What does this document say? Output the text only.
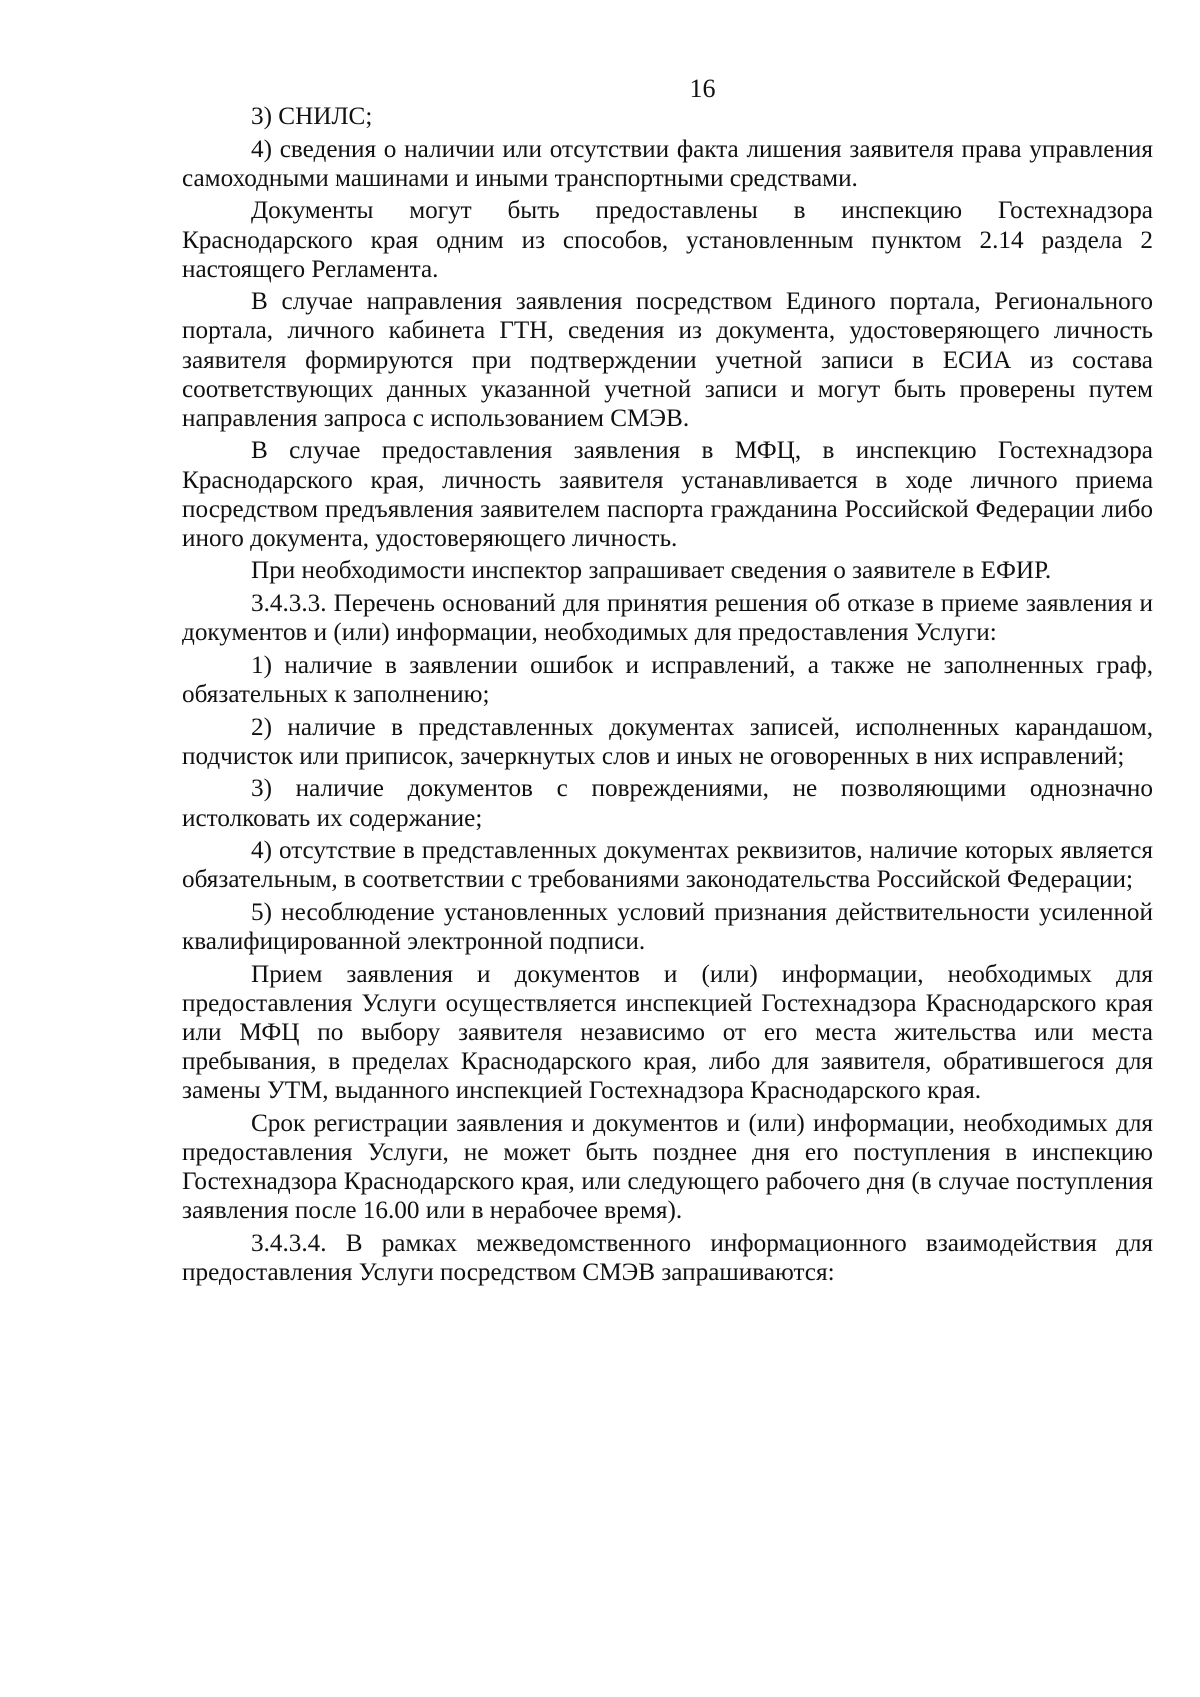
16

3) СНИЛС;

4) сведения о наличии или отсутствии факта лишения заявителя права управления самоходными машинами и иными транспортными средствами.

Документы могут быть предоставлены в инспекцию Гостехнадзора Краснодарского края одним из способов, установленным пунктом 2.14 раздела 2 настоящего Регламента.

В случае направления заявления посредством Единого портала, Регионального портала, личного кабинета ГТН, сведения из документа, удостоверяющего личность заявителя формируются при подтверждении учетной записи в ЕСИА из состава соответствующих данных указанной учетной записи и могут быть проверены путем направления запроса с использованием СМЭВ.

В случае предоставления заявления в МФЦ, в инспекцию Гостехнадзора Краснодарского края, личность заявителя устанавливается в ходе личного приема посредством предъявления заявителем паспорта гражданина Российской Федерации либо иного документа, удостоверяющего личность.

При необходимости инспектор запрашивает сведения о заявителе в ЕФИР.

3.4.3.3. Перечень оснований для принятия решения об отказе в приеме заявления и документов и (или) информации, необходимых для предоставления Услуги:

1) наличие в заявлении ошибок и исправлений, а также не заполненных граф, обязательных к заполнению;

2) наличие в представленных документах записей, исполненных карандашом, подчисток или приписок, зачеркнутых слов и иных не оговоренных в них исправлений;

3) наличие документов с повреждениями, не позволяющими однозначно истолковать их содержание;

4) отсутствие в представленных документах реквизитов, наличие которых является обязательным, в соответствии с требованиями законодательства Российской Федерации;

5) несоблюдение установленных условий признания действительности усиленной квалифицированной электронной подписи.

Прием заявления и документов и (или) информации, необходимых для предоставления Услуги осуществляется инспекцией Гостехнадзора Краснодарского края или МФЦ по выбору заявителя независимо от его места жительства или места пребывания, в пределах Краснодарского края, либо для заявителя, обратившегося для замены УТМ, выданного инспекцией Гостехнадзора Краснодарского края.

Срок регистрации заявления и документов и (или) информации, необходимых для предоставления Услуги, не может быть позднее дня его поступления в инспекцию Гостехнадзора Краснодарского края, или следующего рабочего дня (в случае поступления заявления после 16.00 или в нерабочее время).

3.4.3.4. В рамках межведомственного информационного взаимодействия для предоставления Услуги посредством СМЭВ запрашиваются:
